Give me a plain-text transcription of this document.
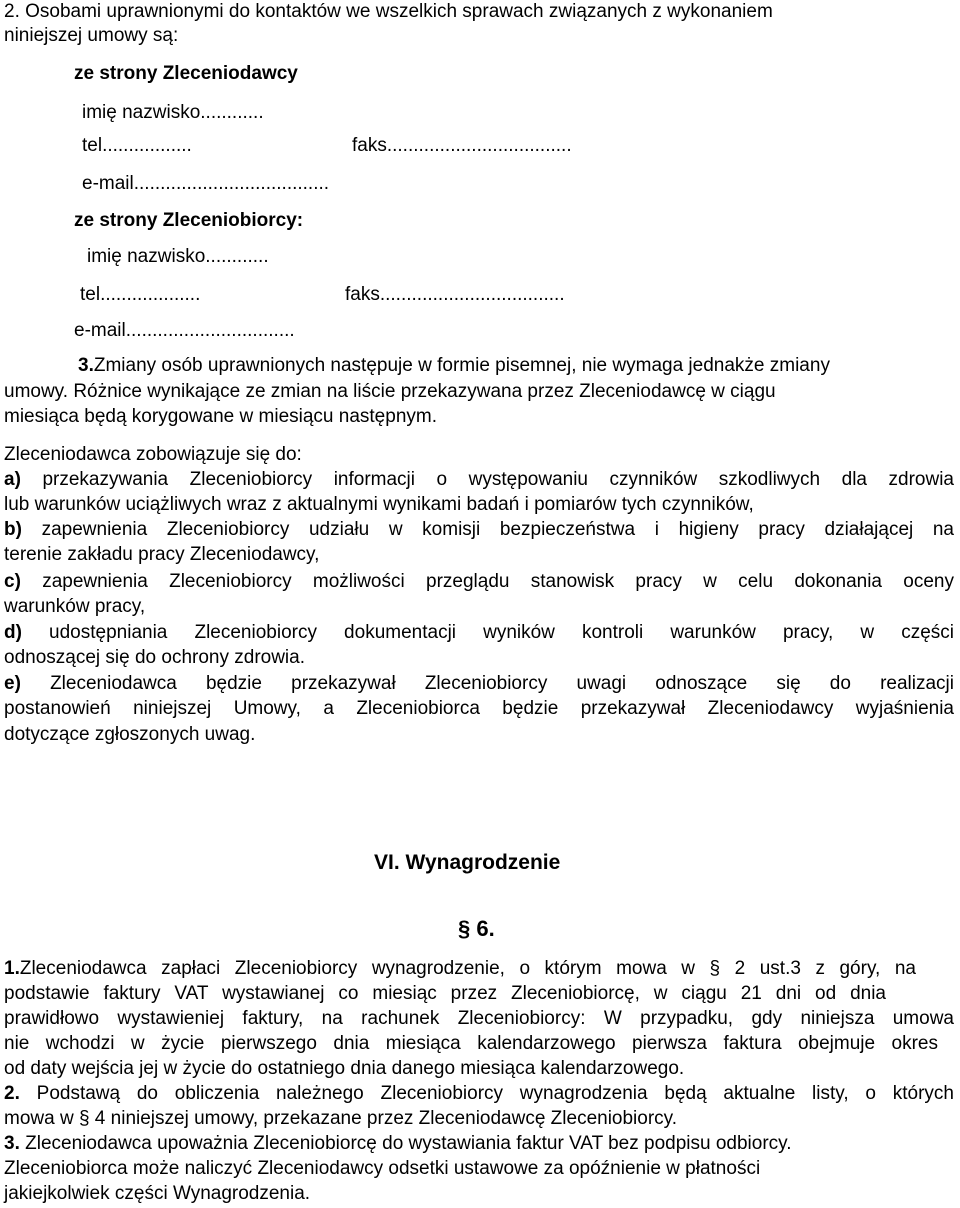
2. Osobami uprawnionymi do kontaktów we wszelkich sprawach związanych z wykonaniem
niniejszej umowy są:
ze strony Zleceniodawcy
imię nazwisko............
tel.................	faks...................................
e-mail.....................................
ze strony Zleceniobiorcy:
imię nazwisko............
tel...................	faks...................................
e-mail................................
3.Zmiany osób uprawnionych następuje w formie pisemnej, nie wymaga jednakże zmiany
umowy. Różnice wynikające ze zmian na liście przekazywana przez Zleceniodawcę w ciągu
miesiąca będą korygowane w miesiącu następnym.
Zleceniodawca zobowiązuje się do:
a) przekazywania Zleceniobiorcy informacji o występowaniu czynników szkodliwych dla zdrowia
lub warunków uciążliwych wraz z aktualnymi wynikami badań i pomiarów tych czynników,
b) zapewnienia Zleceniobiorcy udziału w komisji bezpieczeństwa i higieny pracy działającej na
terenie zakładu pracy Zleceniodawcy,
c) zapewnienia Zleceniobiorcy możliwości przeglądu stanowisk pracy w celu dokonania oceny
warunków pracy,
d) udostępniania Zleceniobiorcy dokumentacji wyników kontroli warunków pracy, w części
odnoszącej się do ochrony zdrowia.
e) Zleceniodawca będzie przekazywał Zleceniobiorcy uwagi odnoszące się do realizacji
postanowień niniejszej Umowy, a Zleceniobiorca będzie przekazywał Zleceniodawcy wyjaśnienia
dotyczące zgłoszonych uwag.
VI. Wynagrodzenie
§ 6.
1.Zleceniodawca zapłaci Zleceniobiorcy wynagrodzenie, o którym mowa w § 2 ust.3 z góry, na
podstawie faktury VAT wystawianej co miesiąc przez Zleceniobiorcę, w ciągu 21 dni od dnia
prawidłowo wystawieniej faktury, na rachunek Zleceniobiorcy: W przypadku, gdy niniejsza umowa
nie wchodzi w życie pierwszego dnia miesiąca kalendarzowego pierwsza faktura obejmuje okres
od daty wejścia jej w życie do ostatniego dnia danego miesiąca kalendarzowego.
2. Podstawą do obliczenia należnego Zleceniobiorcy wynagrodzenia będą aktualne listy, o których
mowa w § 4 niniejszej umowy, przekazane przez Zleceniodawcę Zleceniobiorcy.
3. Zleceniodawca upoważnia Zleceniobiorcę do wystawiania faktur VAT bez podpisu odbiorcy.
Zleceniobiorca może naliczyć Zleceniodawcy odsetki ustawowe za opóźnienie w płatności
jakiejkolwiek części Wynagrodzenia.
